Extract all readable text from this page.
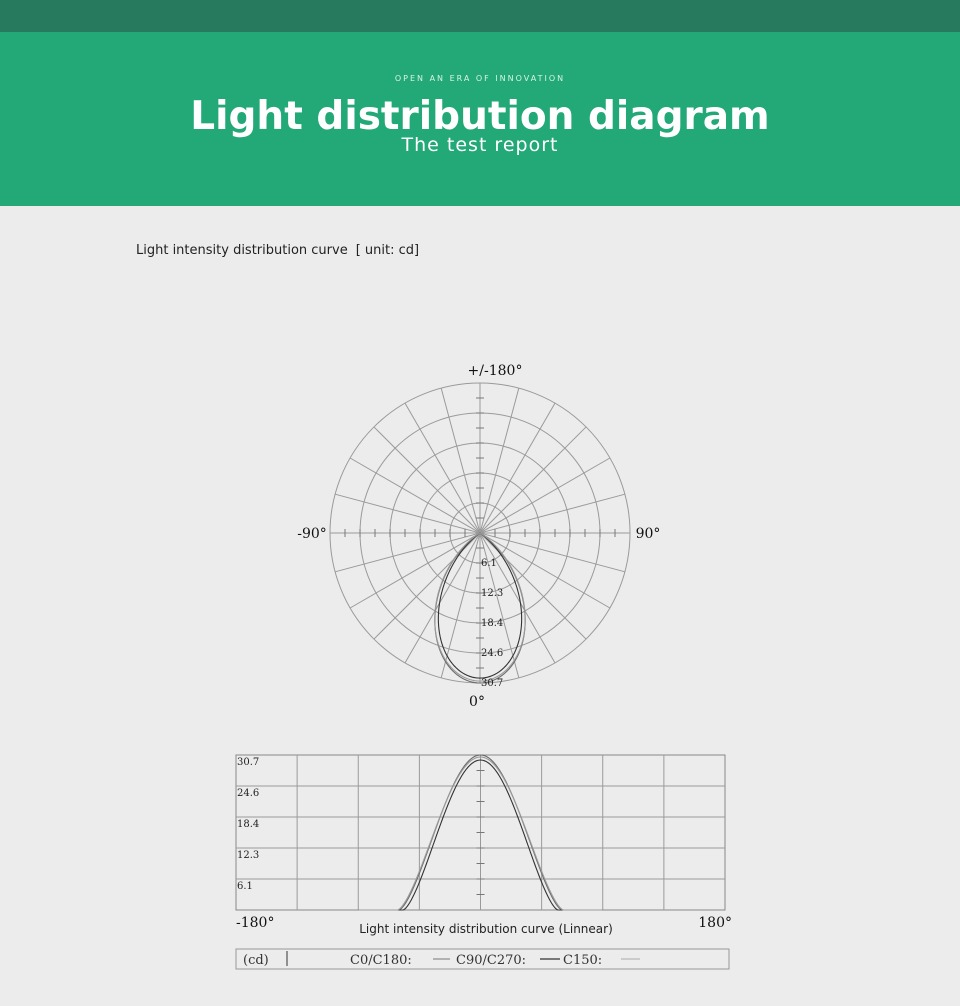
OPEN AN ERA OF INNOVATION
Light distribution diagram
The test report
Light intensity distribution curve [ unit: cd]
6.1
12.3
18.4
24.6
30.7
+/-180°
-90°	90°
0°
30.7
24.6
18.4
12.3
6.1
-180°	180°
Light intensity distribution curve (Linnear)
(cd)	C0/C180:	C90/C270:	C150:
